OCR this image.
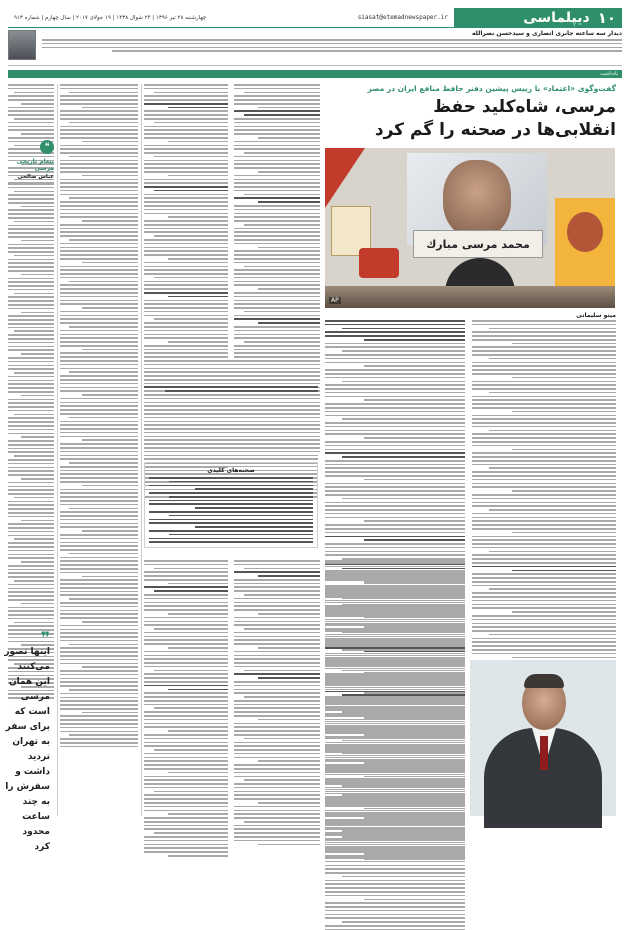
۱۰
دیپلماسی
siasat@etemadnewspaper.ir
چهارشنبه ۲۸ تیر ۱۳۹۶ | ۲۴ شوال ۱۴۳۸ | ۱۹ جولای ۲۰۱۷ | سال چهارم | شماره ۹۱۳
دیدار سه ساعته جابری انصاری و سیدحسن نصرالله
یادداشت
گفت‌وگوی «اعتماد» با رییس پیشین دفتر حافظ منافع ایران در مصر
مرسی، شاه‌کلید حفظ انقلابی‌ها در صحنه را گم کرد
محمد مرسی مبارك
AP
مینو سلیمانی
صحنه‌های کلیدی
❝
پیغام تاریخی مرسی
عباس صالحی
❞
اینها تصور می‌کنند این همان مرسی است که برای سفر به تهران تردید داشت و سفرش را به چند ساعت محدود کرد
